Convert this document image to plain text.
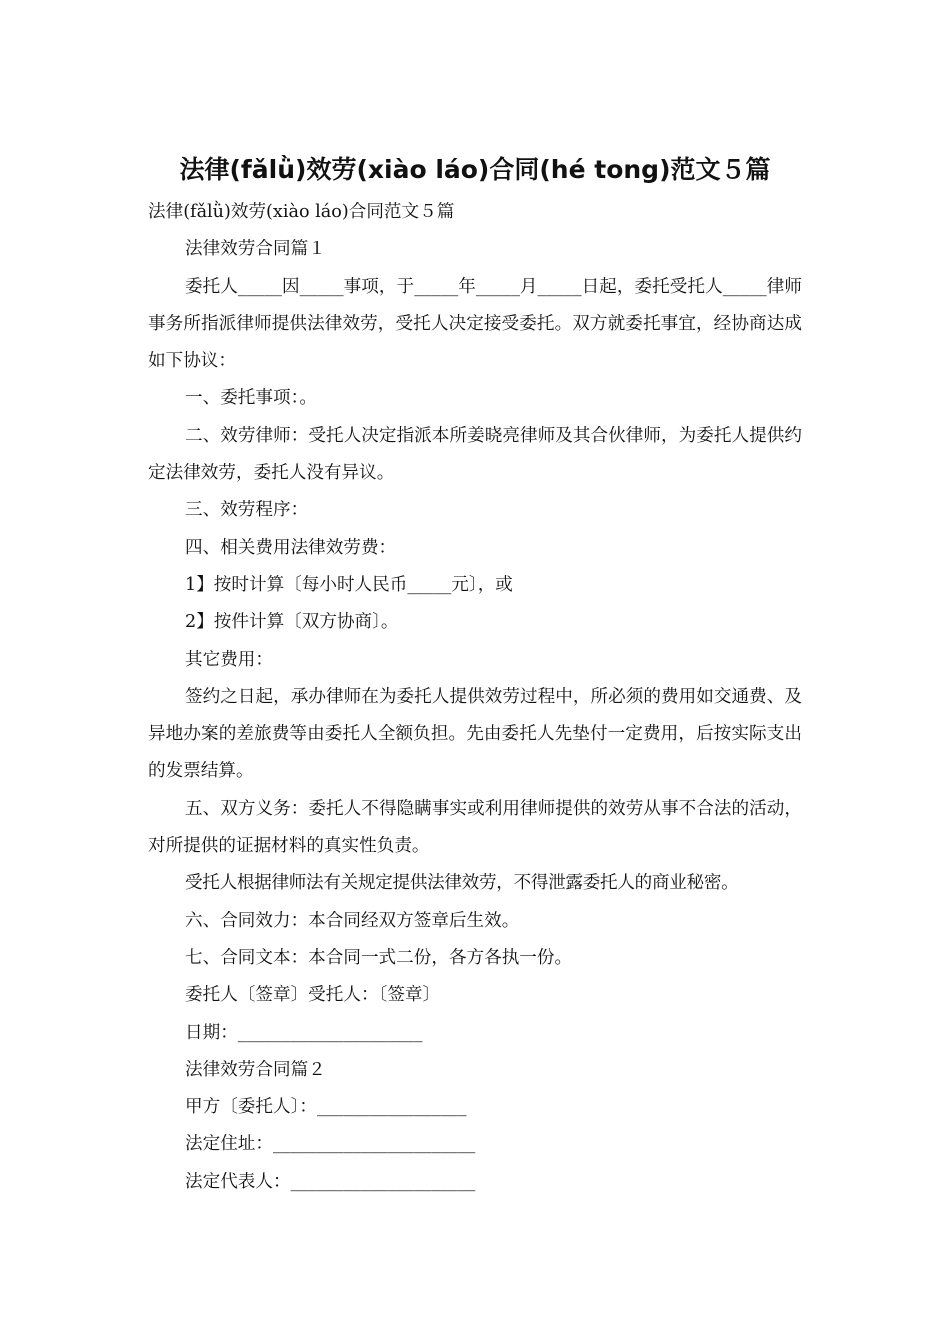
法律(fǎlǜ)效劳(xiào láo)合同(hé tong)范文５篇

法律(fǎlǜ)效劳(xiào láo)合同范文５篇

法律效劳合同篇１

委托人_____因_____事项，于_____年_____月_____日起，委托受托人_____律师事务所指派律师提供法律效劳，受托人决定接受委托。双方就委托事宜，经协商达成如下协议：

一、委托事项：。

二、效劳律师：受托人决定指派本所姜晓亮律师及其合伙律师，为委托人提供约定法律效劳，委托人没有异议。

三、效劳程序：

四、相关费用法律效劳费：

1】按时计算〔每小时人民币_____元〕，或

2】按件计算〔双方协商〕。

其它费用：

签约之日起，承办律师在为委托人提供效劳过程中，所必须的费用如交通费、及异地办案的差旅费等由委托人全额负担。先由委托人先垫付一定费用，后按实际支出的发票结算。

五、双方义务：委托人不得隐瞒事实或利用律师提供的效劳从事不合法的活动，对所提供的证据材料的真实性负责。

受托人根据律师法有关规定提供法律效劳，不得泄露委托人的商业秘密。

六、合同效力：本合同经双方签章后生效。

七、合同文本：本合同一式二份，各方各执一份。

委托人〔签章〕受托人：〔签章〕

日期：_____________________

法律效劳合同篇２

甲方〔委托人〕：_________________

法定住址：_______________________

法定代表人：_____________________
